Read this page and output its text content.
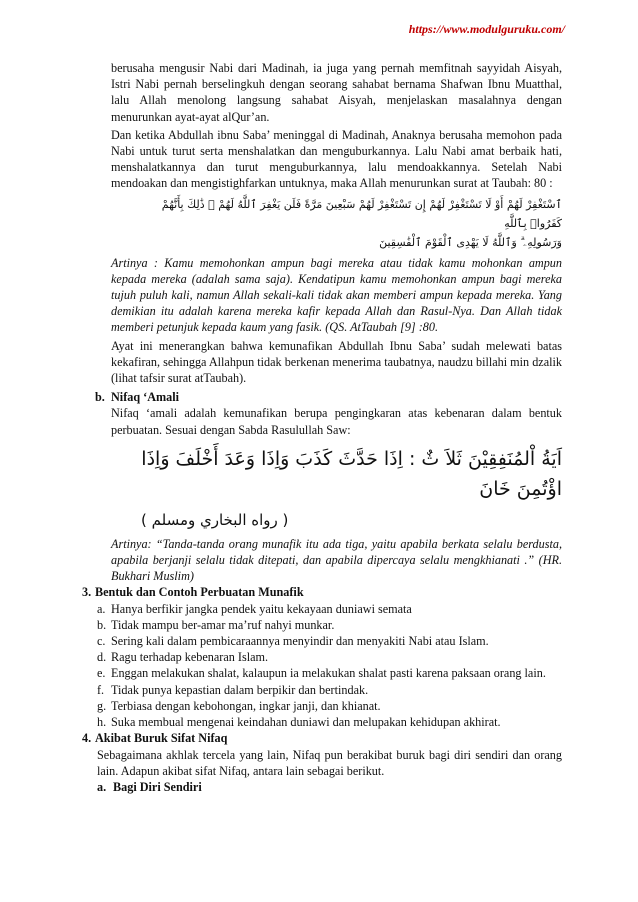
https://www.modulguruku.com/

berusaha mengusir Nabi dari Madinah, ia juga yang pernah memfitnah sayyidah Aisyah, Istri Nabi pernah berselingkuh dengan seorang sahabat bernama Shafwan Ibnu Muatthal, lalu Allah menolong langsung sahabat Aisyah, menjelaskan masalahnya dengan menurunkan ayat-ayat alQur’an.

Dan ketika Abdullah ibnu Saba’ meninggal di Madinah, Anaknya berusaha memohon pada Nabi untuk turut serta menshalatkan dan menguburkannya. Lalu Nabi amat berbaik hati, menshalatkannya dan turut menguburkannya, lalu mendoakkannya. Setelah Nabi mendoakan dan mengistighfarkan untuknya, maka Allah menurunkan surat at Taubah: 80 :

ٱسْتَغْفِرْ لَهُمْ أَوْ لَا تَسْتَغْفِرْ لَهُمْ إِن تَسْتَغْفِرْ لَهُمْ سَبْعِينَ مَرَّةً فَلَن يَغْفِرَ ٱللَّهُ لَهُمْ ۚ ذَٰلِكَ بِأَنَّهُمْ كَفَرُوا۟ بِٱللَّهِ
وَرَسُولِهِۦ ۗ وَٱللَّهُ لَا يَهْدِى ٱلْقَوْمَ ٱلْفَٰسِقِينَ

Artinya : Kamu memohonkan ampun bagi mereka atau tidak kamu mohonkan ampun kepada mereka (adalah sama saja). Kendatipun kamu memohonkan ampun bagi mereka tujuh puluh kali, namun Allah sekali-kali tidak akan memberi ampun kepada mereka. Yang demikian itu adalah karena mereka kafir kepada Allah dan Rasul-Nya. Dan Allah tidak memberi petunjuk kepada kaum yang fasik. (QS. AtTaubah [9] :80.

Ayat ini menerangkan bahwa kemunafikan Abdullah Ibnu Saba’ sudah melewati batas kekafiran, sehingga Allahpun tidak berkenan menerima taubatnya, naudzu billahi min dzalik (lihat tafsir surat atTaubah).

b. Nifaq ‘Amali

Nifaq ‘amali adalah kemunafikan berupa pengingkaran atas kebenaran dalam bentuk perbuatan. Sesuai dengan Sabda Rasulullah Saw:

اَيَةُ اْلمُنَفِقِيْنَ ثَلاَ ثٌ : اِذَا حَدَّثَ كَذَبَ وَاِذَا وَعَدَ أَخْلَفَ وَاِذَا اؤْتُمِنَ خَانَ
( رواه البخاري ومسلم )

Artinya: “Tanda-tanda orang munafik itu ada tiga, yaitu apabila berkata selalu berdusta, apabila berjanji selalu tidak ditepati, dan apabila dipercaya selalu mengkhianati .” (HR. Bukhari Muslim)

3. Bentuk dan Contoh Perbuatan Munafik
a. Hanya berfikir jangka pendek yaitu kekayaan duniawi semata
b. Tidak mampu ber-amar ma’ruf nahyi munkar.
c. Sering kali dalam pembicaraannya menyindir dan menyakiti Nabi atau Islam.
d. Ragu terhadap kebenaran Islam.
e. Enggan melakukan shalat, kalaupun ia melakukan shalat pasti karena paksaan orang lain.
f. Tidak punya kepastian dalam berpikir dan bertindak.
g. Terbiasa dengan kebohongan, ingkar janji, dan khianat.
h. Suka membual mengenai keindahan duniawi dan melupakan kehidupan akhirat.
4. Akibat Buruk Sifat Nifaq

Sebagaimana akhlak tercela yang lain, Nifaq pun berakibat buruk bagi diri sendiri dan orang lain. Adapun akibat sifat Nifaq, antara lain sebagai berikut.

a. Bagi Diri Sendiri
